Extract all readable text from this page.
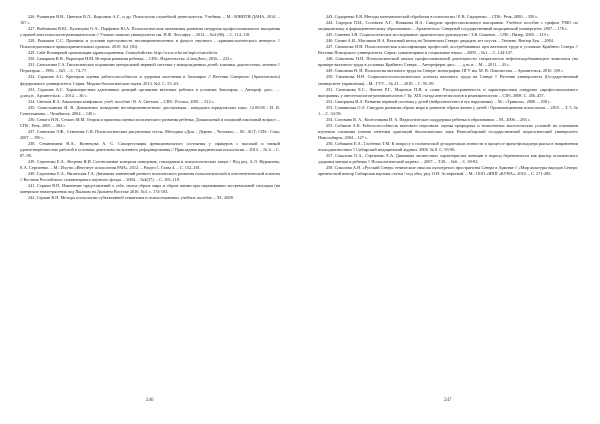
226. Румянцев Н.В., Цветков В.Л., Кирсанов А.Г., и др. Психология служебной деятельности. Учебник. – М.: ЮНИТИ-ДАНА, 2014. – 167 с.

227. Рыбникова В.Ю., Кузнецова О.А., Парфенов Ю.А. Психологические механизмы развития синдрома профессионального выгорания у врачей анестезиологов-реаниматологов // Ученые записки университета им. П.Ф. Лесгафта. – 2012. – №4 (86). – С. 114–118.

228. Рыжаков С.С. Причины и условия преступности несовершеннолетних в фокусе научного – криминологического интереса // Психопедагогика в правоохранительных органах. 2010. №1 (36).

229. Сайт Всемирной организации здравоохранения. Самоубийство: http://www.who.int/topics/suicide/ru.

230. Самарина В.Н., Воронцов Н.М. История развития ребенка. – СПб.: Издательство «СпецЛит», 2016. – 223 с.

231. Самсыгина Г.А. Гипоксическое поражение центральной нервной системы у новорожденных детей: клиника, диагностика, лечение // Педиатрия. – 1996. – №5. – С. 74–77.

232. Сарычев А.С. Критерии оценки работоспособности и здоровья населения в Заполярье // Вестник Северного (Арктического) федерального университета. Серия: Медико-биологические науки. 2013. №2. С. 55–63.

233. Сарычев А.С. Характеристика адаптивных реакций организма вахтовых рабочих в условиях Заполярья. – Автореф. дисс. … д.мед.н., Архангельск. – 2012. – 36 с.

234. Светлов В.А. Аналитика конфликта: учеб. пособие / В. А. Светлов. – СПб.: Роспол, 2001. – 512 с.

235. Севастьянова И. В. Девиантное поведение несовершеннолетних: диссертация... кандидата юридических наук: 12.00.08 / И. В. Севастьянова. – Челябинск, 2004. – 140 с.

236. Семаго Н.Я., Семаго М.М. Теория и практика оценки психического развития ребенка. Дошкольный и младший школьный возраст. – СПб.: Речь, 2005. – 384 с.

237. Семенова Э.Ф., Семенова С.В. Психологические рисуночные тесты. Методика «Дом – Дерево – Человек». – М.: АСТ; СПб.: Сова, 2007. – 190 с.

238. Семинихина Н.А., Кузнецова А. С. Саморегуляция функционального состояния у офицеров с высокой и низкой удовлетворенностью работой в условиях деятельности военного реформирования // Прикладная юридическая психология. – 2013. – № 4. – С. 87–98.

239. Сергеенко Е.А., Ветрова И.И. Соотношение контроля поведения, совладания и психологических защит / Под ред. А.Л. Журавлева, Е.А. Сергиенко. – М.: Изд-во «Институт психологии РАН», 2012. – Раздел 1. Глава 4. – С. 152–181.

240. Сергиенко Е.А., Виленская Г.А. Динамика изменений раннего психического развития психологической и онтогенетической аспекты // Вестник Российского гуманитарного научного фонда. – 2004. – №4(37). – С. 105–118.

241. Серкин В.П. Изменение представлений о себе, своем образе мира и образе жизни при переживании экстремальной ситуации (на материале землетрясения под Пылким на Дальнем Востоке 2016. №3. с. 174-183.

242. Серкин В.П. Методы психологии субъективной семантики и психосемантики: учебное пособие. – М., 2008.

246

243. Сидоренко Е.В. Методы математической обработки в психологии / Е.В. Сидоренко. – СПб.: Речь, 2000. – 350 с.

244. Сидоров П.И., Соловьев А.Г., Новикова И.А. Синдром профессионального выгорания: Учебное пособие с грифом УМО по медицинскому и фармацевтическому образованию. – Архангельск: Северный государственный медицинский университет, 2007. – 176 с.

245. Сикевич З.В. Социологическое исследование: практическое руководство / З.В. Сикевич. – СПб.: Питер, 2005. – 319 с.

246. Силин А.Н., Масликов Н.А. Вахтовый метод на Тюменском Севере: двадцать лет спустя. – Тюмень: Вектор Бук. – 2004.

247. Симонова Н.Н. Психологическая классификация профессий, востребованных при вахтовом труде в условиях Крайнего Севера // Вестник Поморского университета. Серия: гуманитарные и социальные науки. – 2009. – №1. – С. 144-147.

248. Симонова Н.Н. Психологический анализ профессиональной деятельности специалистов нефтегазодобывающего комплекса (на примере вахтового труда в условиях Крайнего Севера. – Автореферат дисс. … д.пс.н. – М. – 2011. – 43 с.

249. Симонова Н. Н. Психология вахтового труда на Севере: монография. ПГУ им. М. В. Ломоносова. – Архангельск, 2010. 339 с.

250. Симонова Н.Н. Социально-психологические аспекты вахтового труда на Севере // Вестник университета (Государственный университет управления). –М.: ГУУ. – № 23. – 2010. – С. 95–99.

251. Ситникова Е.С., Фатеев Р.Г., Миронов П.И. и соавт. Распространенность и характеристики синдрома «профессионального выгорания» у анестезиологов-реаниматологов // Тр. XIX съезда анестезиологов и реаниматологов. – СПб, 2008. С. 456–457.

252. Скворцова И.А. Развитие нервной системы у детей (нейроонтогенез и его нарушения). – М.: «Тривола», 2000. – 208 с.

253. Славинская О.А. Синдром развития образа мира и развитие образа жизни у детей / Организационная психология. – 2015. – Т. 5. № 1. – С. 34-58.

254. Слесвина В. А., Колесникова И. А. Педагогическое подддержка ребенка в образовании. – М., 2006. – 283 с.

255. Собакин А.К. Работоспособность вахтового персонала: оценка природных и техногенных экологических условий: на основании изучения сложения учения генетики адаптаций биологических наук Новосибирский государственный педагогический университет, Новосибирск, 2004 – 127 с.

256. Собакина Е.А., Глобенко Т.М. К вопросу о психической дезадаптации личности в процессе врача-фельдшера рыска в направлении психодиагностики // Сибирский медицинский журнал. 2006. № 8. С. 93-96.

257. Соколова О.А., Сергиенко Е.А. Динамика личностных характеристик женщин в период беременности как фактор психического здоровья матери и ребенка // Психологический журнал. – 2007. – Т.28. – №6. – С. 69-82.

258. Соколова А.Н. «Русский Север» этнические смыслы культурного пространства Севера в Арктике // «Мир культуры народов Севера: арктический вектор Сибирская научная статья / под общ. ред. О.Н. Астафьевой. – М.: ООО «ИПП «КУНА», 2016. – С. 271-286

247
